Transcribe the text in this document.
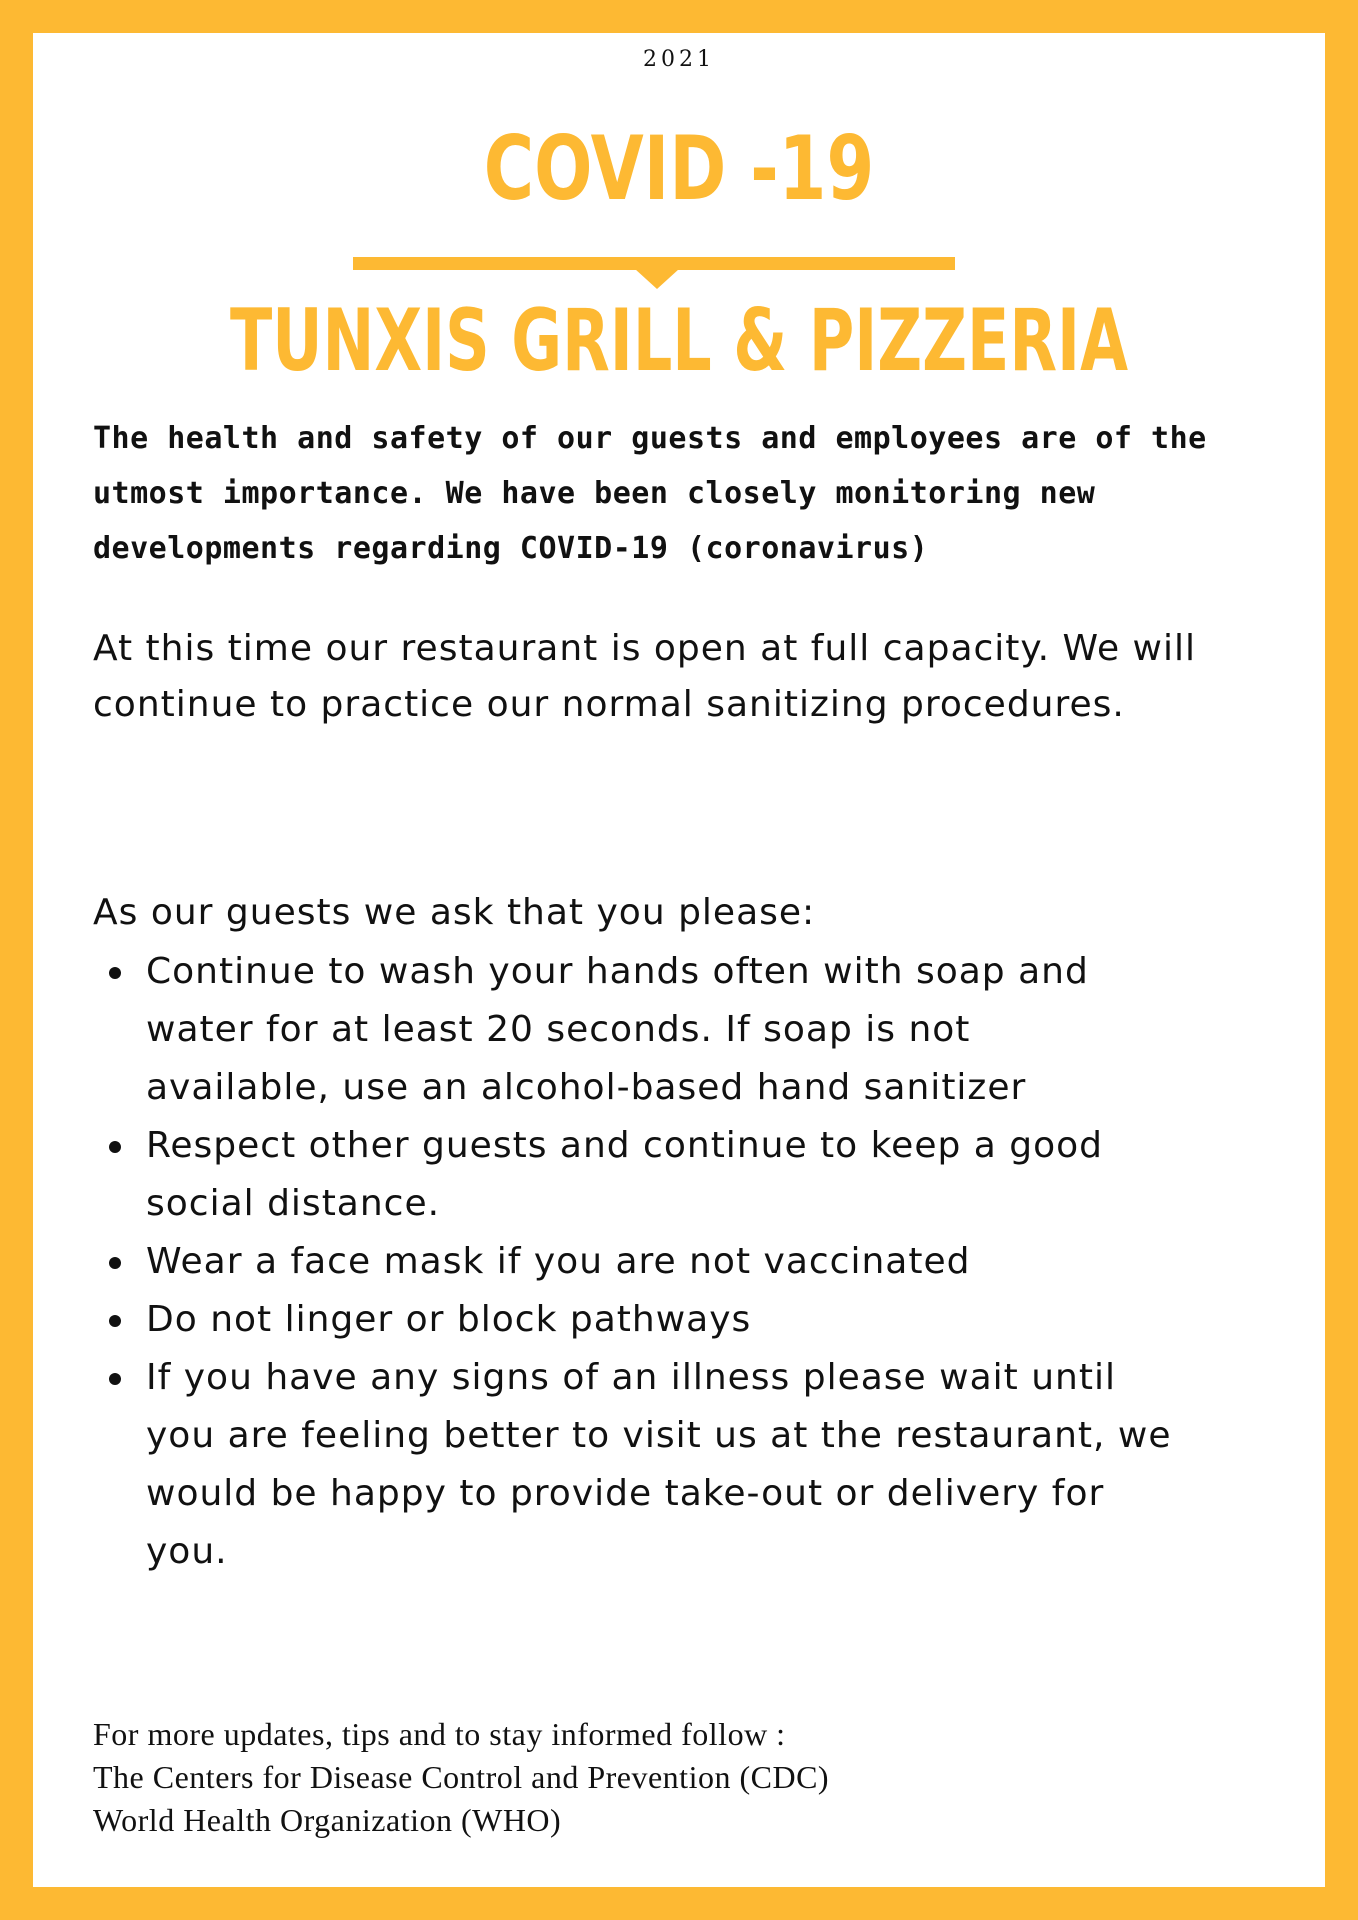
2021
COVID -19
TUNXIS GRILL & PIZZERIA
The health and safety of our guests and employees are of the
utmost importance. We have been closely monitoring new
developments regarding COVID-19 (coronavirus)
At this time our restaurant is open at full capacity. We will
continue to practice our normal sanitizing procedures.
As our guests we ask that you please:
Continue to wash your hands often with soap and
water for at least 20 seconds. If soap is not
available, use an alcohol-based hand sanitizer
Respect other guests and continue to keep a good
social distance.
Wear a face mask if you are not vaccinated
Do not linger or block pathways
If you have any signs of an illness please wait until
you are feeling better to visit us at the restaurant, we
would be happy to provide take-out or delivery for
you.
For more updates, tips and to stay informed follow :
The Centers for Disease Control and Prevention (CDC)
World Health Organization (WHO)
